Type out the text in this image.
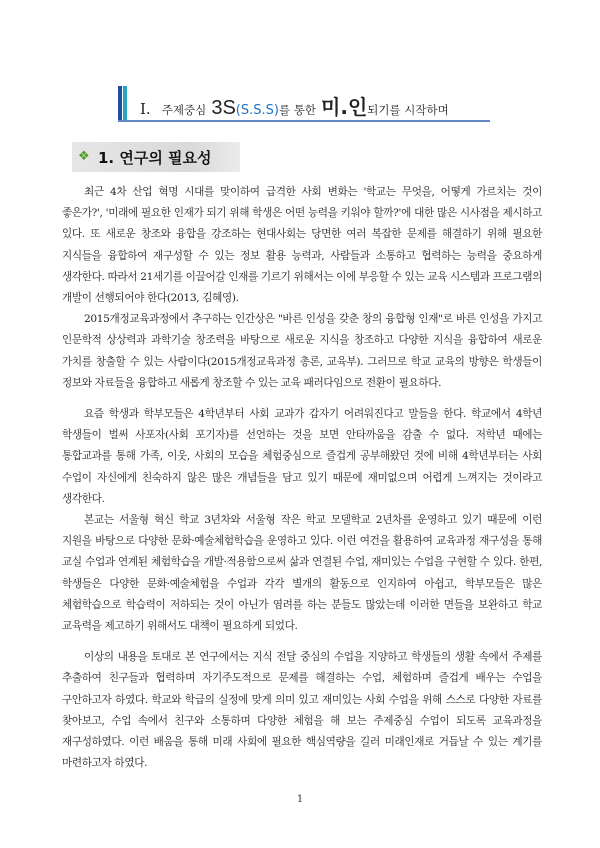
Ⅰ. 주제중심 3S(S.S.S)를 통한 미.인되기를 시작하며
❖ 1. 연구의 필요성

최근 4차 산업 혁명 시대를 맞이하여 급격한 사회 변화는 '학교는 무엇을, 어떻게 가르치는 것이 좋은가?', '미래에 필요한 인재가 되기 위해 학생은 어떤 능력을 키워야 할까?'에 대한 많은 시사점을 제시하고 있다. 또 새로운 창조와 융합을 강조하는 현대사회는 당면한 여러 복잡한 문제를 해결하기 위해 필요한 지식들을 융합하여 재구성할 수 있는 정보 활용 능력과, 사람들과 소통하고 협력하는 능력을 중요하게 생각한다. 따라서 21세기를 이끌어갈 인재를 기르기 위해서는 이에 부응할 수 있는 교육 시스템과 프로그램의 개발이 선행되어야 한다(2013, 김혜영).

2015개정교육과정에서 추구하는 인간상은 "바른 인성을 갖춘 창의 융합형 인재"로 바른 인성을 가지고 인문학적 상상력과 과학기술 창조력을 바탕으로 새로운 지식을 창조하고 다양한 지식을 융합하여 새로운 가치를 창출할 수 있는 사람이다(2015개정교육과정 총론, 교육부). 그러므로 학교 교육의 방향은 학생들이 정보와 자료들을 융합하고 새롭게 창조할 수 있는 교육 패러다임으로 전환이 필요하다.

요즘 학생과 학부모들은 4학년부터 사회 교과가 갑자기 어려워진다고 말들을 한다. 학교에서 4학년 학생들이 벌써 사포자(사회 포기자)를 선언하는 것을 보면 안타까움을 감출 수 없다. 저학년 때에는 통합교과를 통해 가족, 이웃, 사회의 모습을 체험중심으로 즐겁게 공부해왔던 것에 비해 4학년부터는 사회 수업이 자신에게 친숙하지 않은 많은 개념들을 담고 있기 때문에 재미없으며 어렵게 느껴지는 것이라고 생각한다.

본교는 서울형 혁신 학교 3년차와 서울형 작은 학교 모델학교 2년차를 운영하고 있기 때문에 이런 지원을 바탕으로 다양한 문화·예술체험학습을 운영하고 있다. 이런 여건을 활용하여 교육과정 재구성을 통해 교실 수업과 연계된 체험학습을 개발·적용함으로써 삶과 연결된 수업, 재미있는 수업을 구현할 수 있다. 한편, 학생들은 다양한 문화·예술체험을 수업과 각각 별개의 활동으로 인지하여 아쉽고, 학부모들은 많은 체험학습으로 학습력이 저하되는 것이 아닌가 염려를 하는 분들도 많았는데 이러한 면들을 보완하고 학교 교육력을 제고하기 위해서도 대책이 필요하게 되었다.

이상의 내용을 토대로 본 연구에서는 지식 전달 중심의 수업을 지양하고 학생들의 생활 속에서 주제를 추출하여 친구들과 협력하며 자기주도적으로 문제를 해결하는 수업, 체험하며 즐겁게 배우는 수업을 구안하고자 하였다. 학교와 학급의 실정에 맞게 의미 있고 재미있는 사회 수업을 위해 스스로 다양한 자료를 찾아보고, 수업 속에서 친구와 소통하며 다양한 체험을 해 보는 주제중심 수업이 되도록 교육과정을 재구성하였다. 이런 배움을 통해 미래 사회에 필요한 핵심역량을 길러 미래인재로 거듭날 수 있는 계기를 마련하고자 하였다.

1
